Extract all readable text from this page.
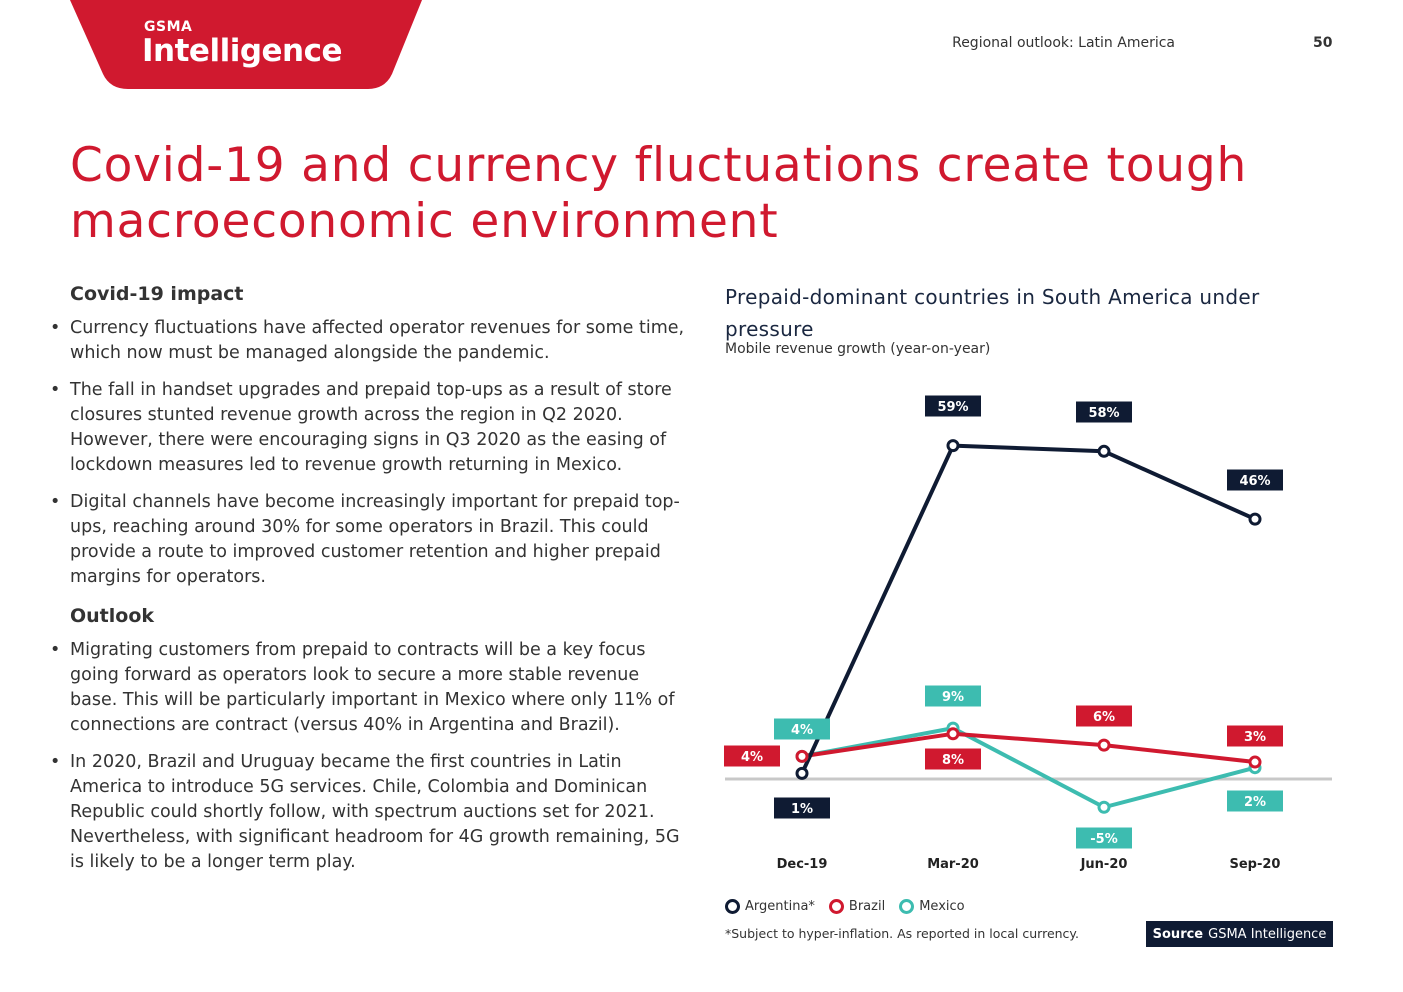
GSMA
Intelligence	Regional outlook: Latin America	50
Covid-19 and currency fluctuations create tough macroeconomic environment
Covid-19 impact
• Currency fluctuations have affected operator revenues for some time, which now must be managed alongside the pandemic.
• The fall in handset upgrades and prepaid top-ups as a result of store closures stunted revenue growth across the region in Q2 2020. However, there were encouraging signs in Q3 2020 as the easing of lockdown measures led to revenue growth returning in Mexico.
• Digital channels have become increasingly important for prepaid top-ups, reaching around 30% for some operators in Brazil. This could provide a route to improved customer retention and higher prepaid margins for operators.
Outlook
• Migrating customers from prepaid to contracts will be a key focus going forward as operators look to secure a more stable revenue base. This will be particularly important in Mexico where only 11% of connections are contract (versus 40% in Argentina and Brazil).
• In 2020, Brazil and Uruguay became the first countries in Latin America to introduce 5G services. Chile, Colombia and Dominican Republic could shortly follow, with spectrum auctions set for 2021. Nevertheless, with significant headroom for 4G growth remaining, 5G is likely to be a longer term play.
Prepaid-dominant countries in South America under pressure
Mobile revenue growth (year-on-year)
1%
59%	58%
46%
4%	8%
6%
3%
4%
9%
-5%
2%
Dec-19	Mar-20	Jun-20	Sep-20
Argentina*	Brazil	Mexico
*Subject to hyper-inflation. As reported in local currency.	Source GSMA Intelligence
